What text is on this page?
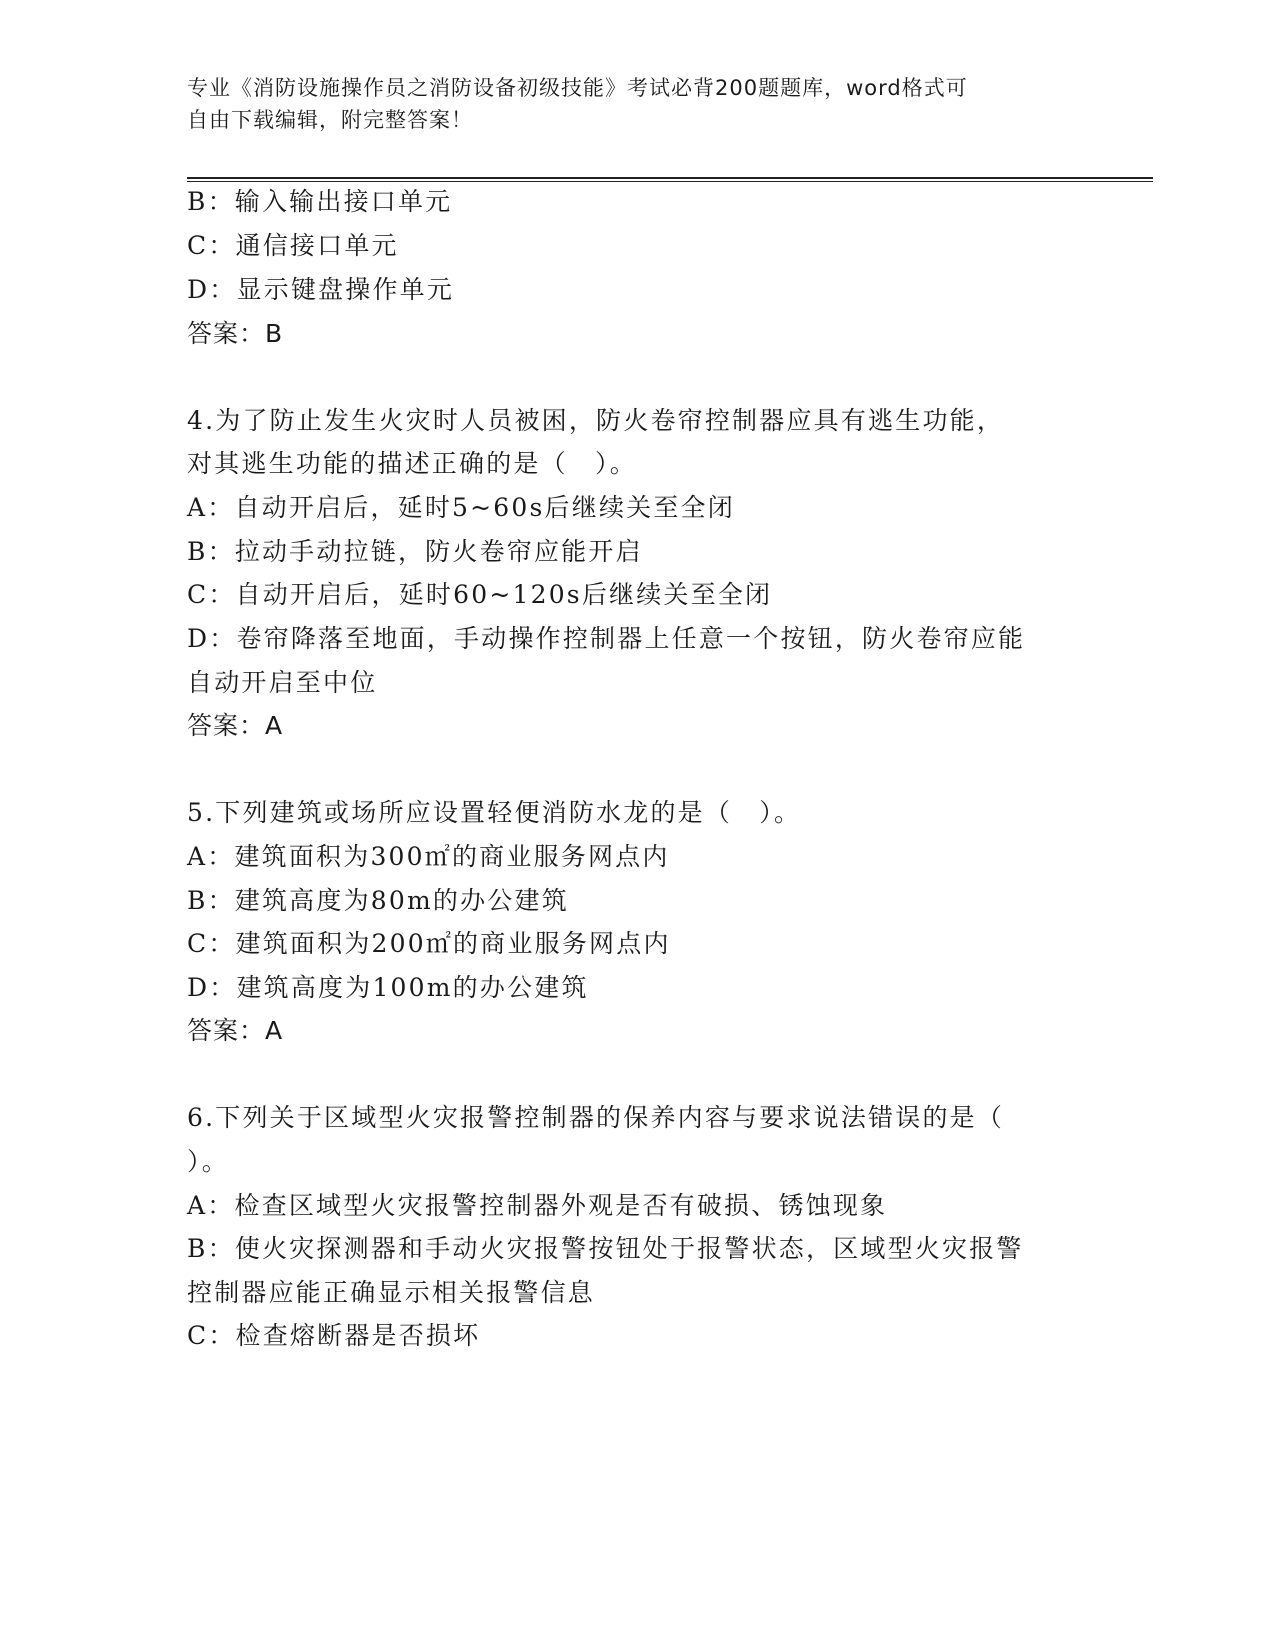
专业《消防设施操作员之消防设备初级技能》考试必背200题题库，word格式可
自由下载编辑，附完整答案！
B：输入输出接口单元
C：通信接口单元
D：显示键盘操作单元
答案：B
4.为了防止发生火灾时人员被困，防火卷帘控制器应具有逃生功能，
对其逃生功能的描述正确的是（　）。
A：自动开启后，延时5~60s后继续关至全闭
B：拉动手动拉链，防火卷帘应能开启
C：自动开启后，延时60~120s后继续关至全闭
D：卷帘降落至地面，手动操作控制器上任意一个按钮，防火卷帘应能
自动开启至中位
答案：A
5.下列建筑或场所应设置轻便消防水龙的是（　）。
A：建筑面积为300㎡的商业服务网点内
B：建筑高度为80m的办公建筑
C：建筑面积为200㎡的商业服务网点内
D：建筑高度为100m的办公建筑
答案：A
6.下列关于区域型火灾报警控制器的保养内容与要求说法错误的是（
）。
A：检查区域型火灾报警控制器外观是否有破损、锈蚀现象
B：使火灾探测器和手动火灾报警按钮处于报警状态，区域型火灾报警
控制器应能正确显示相关报警信息
C：检查熔断器是否损坏
